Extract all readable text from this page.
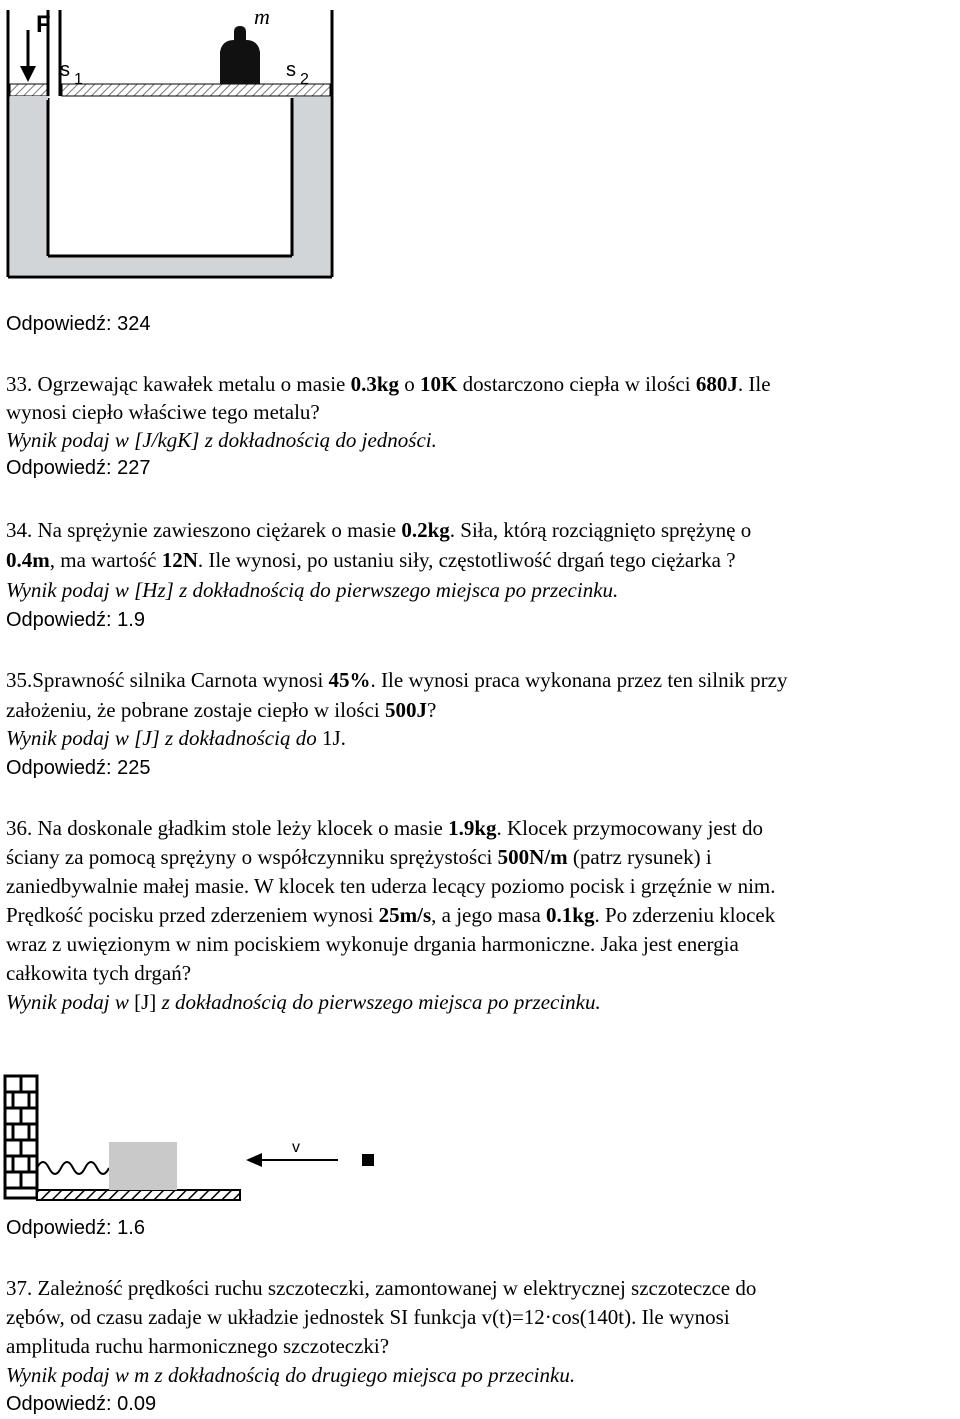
F	m
s 1	s 2
Odpowiedź: 324
33. Ogrzewając kawałek metalu o masie 0.3kg o 10K dostarczono ciepła w ilości 680J. Ile
wynosi ciepło właściwe tego metalu?
Wynik podaj w [J/kgK] z dokładnością do jedności.
Odpowiedź: 227
34. Na sprężynie zawieszono ciężarek o masie 0.2kg. Siła, którą rozciągnięto sprężynę o
0.4m, ma wartość 12N. Ile wynosi, po ustaniu siły, częstotliwość drgań tego ciężarka ?
Wynik podaj w [Hz] z dokładnością do pierwszego miejsca po przecinku.
Odpowiedź: 1.9
35.Sprawność silnika Carnota wynosi 45%. Ile wynosi praca wykonana przez ten silnik przy
założeniu, że pobrane zostaje ciepło w ilości 500J?
Wynik podaj w [J] z dokładnością do 1J.
Odpowiedź: 225
36. Na doskonale gładkim stole leży klocek o masie 1.9kg. Klocek przymocowany jest do
ściany za pomocą sprężyny o współczynniku sprężystości 500N/m (patrz rysunek) i
zaniedbywalnie małej masie. W klocek ten uderza lecący poziomo pocisk i grzęźnie w nim.
Prędkość pocisku przed zderzeniem wynosi 25m/s, a jego masa 0.1kg. Po zderzeniu klocek
wraz z uwięzionym w nim pociskiem wykonuje drgania harmoniczne. Jaka jest energia
całkowita tych drgań?
Wynik podaj w [J] z dokładnością do pierwszego miejsca po przecinku.
v
Odpowiedź: 1.6
37. Zależność prędkości ruchu szczoteczki, zamontowanej w elektrycznej szczoteczce do
zębów, od czasu zadaje w układzie jednostek SI funkcja v(t)=12·cos(140t). Ile wynosi
amplituda ruchu harmonicznego szczoteczki?
Wynik podaj w m z dokładnością do drugiego miejsca po przecinku.
Odpowiedź: 0.09
